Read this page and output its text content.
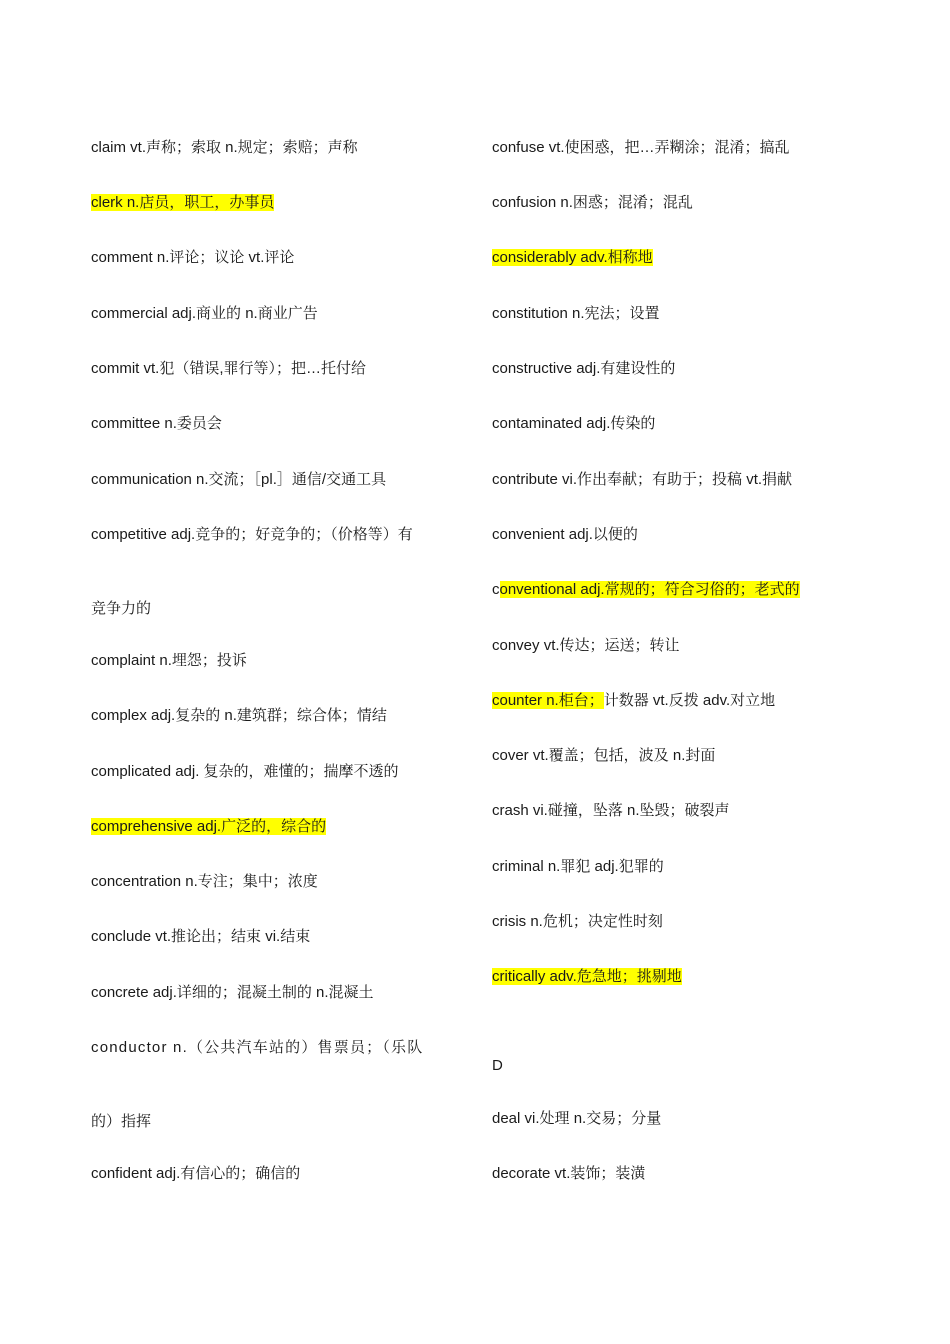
claim vt.声称；索取 n.规定；索赔；声称
clerk n.店员，职工，办事员
comment n.评论；议论 vt.评论
commercial adj.商业的 n.商业广告
commit vt.犯（错误,罪行等）；把…托付给
committee n.委员会
communication n.交流；［pl.］通信/交通工具
competitive adj.竞争的；好竞争的；（价格等）有
竞争力的
complaint n.埋怨；投诉
complex adj.复杂的 n.建筑群；综合体；情结
complicated adj. 复杂的，难懂的；揣摩不透的
comprehensive adj.广泛的，综合的
concentration n.专注；集中；浓度
conclude vt.推论出；结束 vi.结束
concrete adj.详细的；混凝土制的 n.混凝土
conductor n.（公共汽车站的）售票员；（乐队
的）指挥
confident adj.有信心的；确信的
confuse vt.使困惑，把…弄糊涂；混淆；搞乱
confusion n.困惑；混淆；混乱
considerably adv.相称地
constitution n.宪法；设置
constructive adj.有建设性的
contaminated adj.传染的
contribute vi.作出奉献；有助于；投稿 vt.捐献
convenient adj.以便的
conventional adj.常规的；符合习俗的；老式的
convey vt.传达；运送；转让
counter n.柜台；计数器 vt.反拨 adv.对立地
cover vt.覆盖；包括，波及 n.封面
crash vi.碰撞，坠落 n.坠毁；破裂声
criminal n.罪犯 adj.犯罪的
crisis n.危机；决定性时刻
critically adv.危急地；挑剔地
D
deal vi.处理 n.交易；分量
decorate vt.装饰；装潢
